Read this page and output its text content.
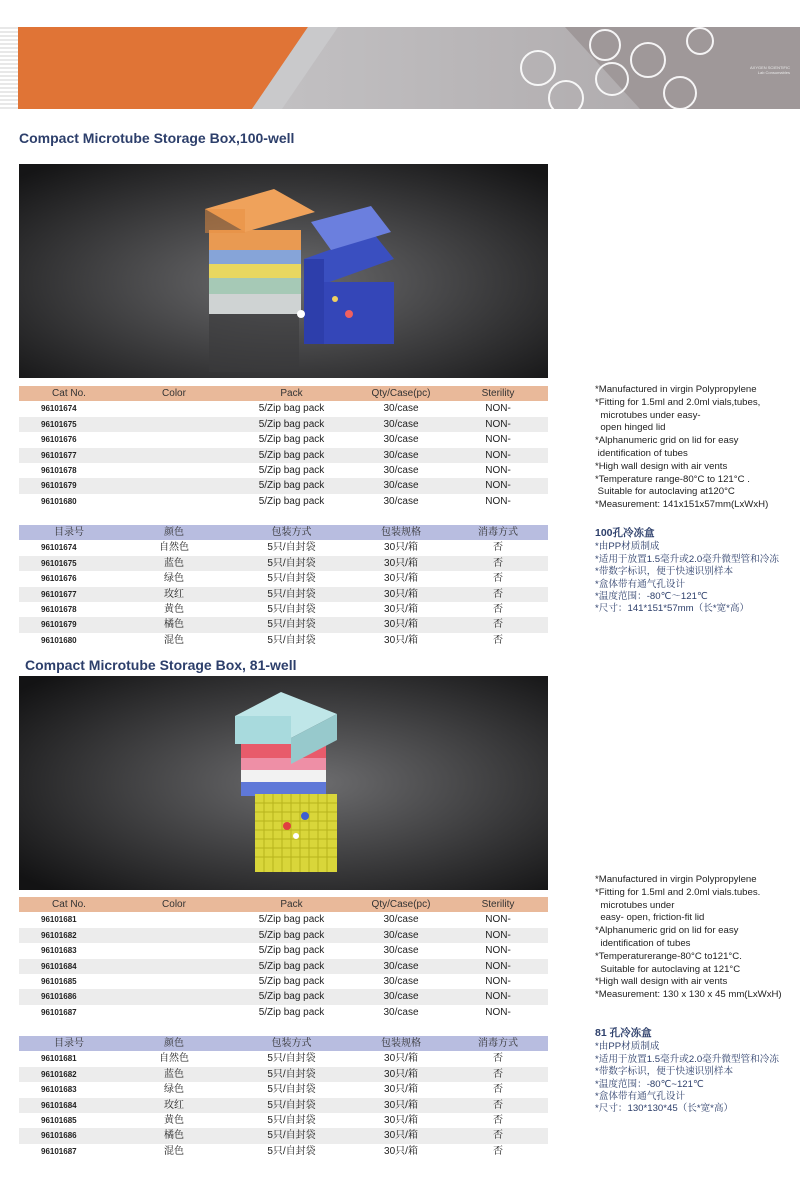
AXYGEN SCIENTIFIC
Lab Consumables
Compact Microtube Storage Box,100-well
Cat No.	Color	Pack	Qty/Case(pc)	Sterility
96101674		5/Zip bag pack	30/case	NON-
96101675		5/Zip bag pack	30/case	NON-
96101676		5/Zip bag pack	30/case	NON-
96101677		5/Zip bag pack	30/case	NON-
96101678		5/Zip bag pack	30/case	NON-
96101679		5/Zip bag pack	30/case	NON-
96101680		5/Zip bag pack	30/case	NON-
目录号	颜色	包装方式	包装规格	消毒方式
96101674	自然色	5只/自封袋	30只/箱	否
96101675	蓝色	5只/自封袋	30只/箱	否
96101676	绿色	5只/自封袋	30只/箱	否
96101677	玫红	5只/自封袋	30只/箱	否
96101678	黄色	5只/自封袋	30只/箱	否
96101679	橘色	5只/自封袋	30只/箱	否
96101680	混色	5只/自封袋	30只/箱	否
*Manufactured in virgin Polypropylene
*Fitting for 1.5ml and 2.0ml vials,tubes,
microtubes under easy-
open hinged lid
*Alphanumeric grid on lid for easy
identification of tubes
*High wall design with air vents
*Temperature range-80°C to 121°C .
Suitable for autoclaving at120°C
*Measurement: 141x151x57mm(LxWxH)
100孔冷冻盒
*由PP材质制成
*适用于放置1.5毫升或2.0毫升微型管和冷冻
*带数字标识，便于快速识别样本
*盒体带有通气孔设计
*温度范围：-80℃～121℃
*尺寸：141*151*57mm（长*宽*高）
Compact Microtube Storage Box, 81-well
Cat No.	Color	Pack	Qty/Case(pc)	Sterility
96101681		5/Zip bag pack	30/case	NON-
96101682		5/Zip bag pack	30/case	NON-
96101683		5/Zip bag pack	30/case	NON-
96101684		5/Zip bag pack	30/case	NON-
96101685		5/Zip bag pack	30/case	NON-
96101686		5/Zip bag pack	30/case	NON-
96101687		5/Zip bag pack	30/case	NON-
目录号	颜色	包装方式	包装规格	消毒方式
96101681	自然色	5只/自封袋	30只/箱	否
96101682	蓝色	5只/自封袋	30只/箱	否
96101683	绿色	5只/自封袋	30只/箱	否
96101684	玫红	5只/自封袋	30只/箱	否
96101685	黄色	5只/自封袋	30只/箱	否
96101686	橘色	5只/自封袋	30只/箱	否
96101687	混色	5只/自封袋	30只/箱	否
*Manufactured in virgin Polypropylene
*Fitting for 1.5ml and 2.0ml vials.tubes.
microtubes under
easy- open, friction-fit lid
*Alphanumeric grid on lid for easy
identification of tubes
*Temperaturerange-80°C to121°C.
Suitable for autoclaving at 121°C
*High wall design with air vents
*Measurement: 130 x 130 x 45 mm(LxWxH)
81 孔冷冻盒
*由PP材质制成
*适用于放置1.5毫升或2.0毫升微型管和冷冻
*带数字标识，便于快速识别样本
*温度范围：-80℃~121℃
*盒体带有通气孔设计
*尺寸：130*130*45（长*宽*高）
